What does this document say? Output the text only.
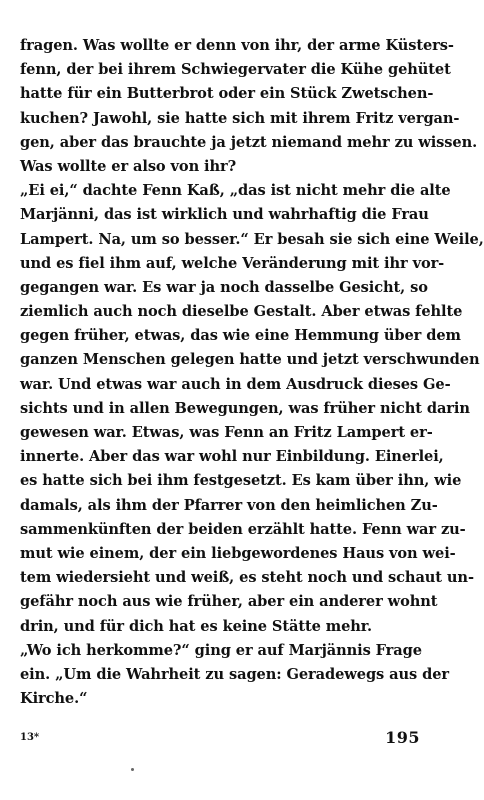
fragen. Was wollte er denn von ihr, der arme Küsters-
fenn, der bei ihrem Schwiegervater die Kühe gehütet
hatte für ein Butterbrot oder ein Stück Zwetschen-
kuchen? Jawohl, sie hatte sich mit ihrem Fritz vergan-
gen, aber das brauchte ja jetzt niemand mehr zu wissen.
Was wollte er also von ihr?
„Ei ei,“ dachte Fenn Kaß, „das ist nicht mehr die alte
Marjänni, das ist wirklich und wahrhaftig die Frau
Lampert. Na, um so besser.“ Er besah sie sich eine Weile,
und es fiel ihm auf, welche Veränderung mit ihr vor-
gegangen war. Es war ja noch dasselbe Gesicht, so
ziemlich auch noch dieselbe Gestalt. Aber etwas fehlte
gegen früher, etwas, das wie eine Hemmung über dem
ganzen Menschen gelegen hatte und jetzt verschwunden
war. Und etwas war auch in dem Ausdruck dieses Ge-
sichts und in allen Bewegungen, was früher nicht darin
gewesen war. Etwas, was Fenn an Fritz Lampert er-
innerte. Aber das war wohl nur Einbildung. Einerlei,
es hatte sich bei ihm festgesetzt. Es kam über ihn, wie
damals, als ihm der Pfarrer von den heimlichen Zu-
sammenkünften der beiden erzählt hatte. Fenn war zu-
mut wie einem, der ein liebgewordenes Haus von wei-
tem wiedersieht und weiß, es steht noch und schaut un-
gefähr noch aus wie früher, aber ein anderer wohnt
drin, und für dich hat es keine Stätte mehr.
„Wo ich herkomme?“ ging er auf Marjännis Frage
ein. „Um die Wahrheit zu sagen: Geradewegs aus der
Kirche.“
13*	195
